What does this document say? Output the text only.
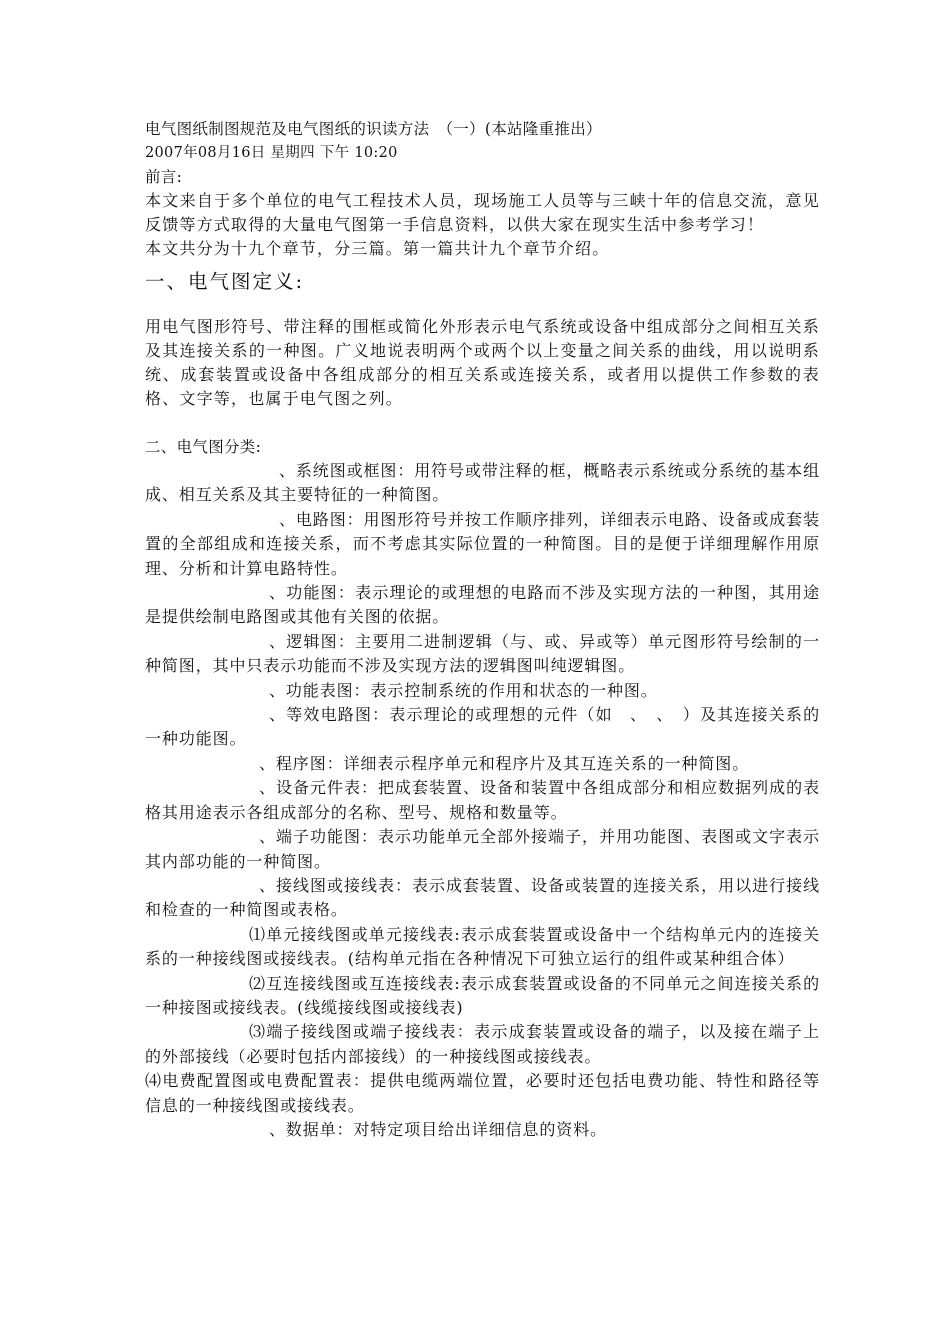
电气图纸制图规范及电气图纸的识读方法　（一）(本站隆重推出）
2007年08月16日 星期四 下午 10:20
前言:
本文来自于多个单位的电气工程技术人员，现场施工人员等与三峡十年的信息交流，意见反馈等方式取得的大量电气图第一手信息资料，以供大家在现实生活中参考学习！
本文共分为十九个章节，分三篇。第一篇共计九个章节介绍。
一、电气图定义:
用电气图形符号、带注释的围框或简化外形表示电气系统或设备中组成部分之间相互关系及其连接关系的一种图。广义地说表明两个或两个以上变量之间关系的曲线，用以说明系统、成套装置或设备中各组成部分的相互关系或连接关系，或者用以提供工作参数的表格、文字等，也属于电气图之列。
二、电气图分类:
、系统图或框图：用符号或带注释的框，概略表示系统或分系统的基本组成、相互关系及其主要特征的一种简图。
、电路图：用图形符号并按工作顺序排列，详细表示电路、设备或成套装置的全部组成和连接关系，而不考虑其实际位置的一种简图。目的是便于详细理解作用原理、分析和计算电路特性。
、功能图：表示理论的或理想的电路而不涉及实现方法的一种图，其用途是提供绘制电路图或其他有关图的依据。
、逻辑图：主要用二进制逻辑（与、或、异或等）单元图形符号绘制的一种简图，其中只表示功能而不涉及实现方法的逻辑图叫纯逻辑图。
、功能表图：表示控制系统的作用和状态的一种图。
、等效电路图：表示理论的或理想的元件（如　、　、　）及其连接关系的一种功能图。
、程序图：详细表示程序单元和程序片及其互连关系的一种简图。
、设备元件表：把成套装置、设备和装置中各组成部分和相应数据列成的表格其用途表示各组成部分的名称、型号、规格和数量等。
、端子功能图：表示功能单元全部外接端子，并用功能图、表图或文字表示其内部功能的一种简图。
、接线图或接线表：表示成套装置、设备或装置的连接关系，用以进行接线和检查的一种简图或表格。
⑴单元接线图或单元接线表:表示成套装置或设备中一个结构单元内的连接关系的一种接线图或接线表。(结构单元指在各种情况下可独立运行的组件或某种组合体）
⑵互连接线图或互连接线表:表示成套装置或设备的不同单元之间连接关系的一种接图或接线表。(线缆接线图或接线表)
⑶端子接线图或端子接线表：表示成套装置或设备的端子，以及接在端子上的外部接线（必要时包括内部接线）的一种接线图或接线表。
⑷电费配置图或电费配置表：提供电缆两端位置，必要时还包括电费功能、特性和路径等信息的一种接线图或接线表。
、数据单：对特定项目给出详细信息的资料。
